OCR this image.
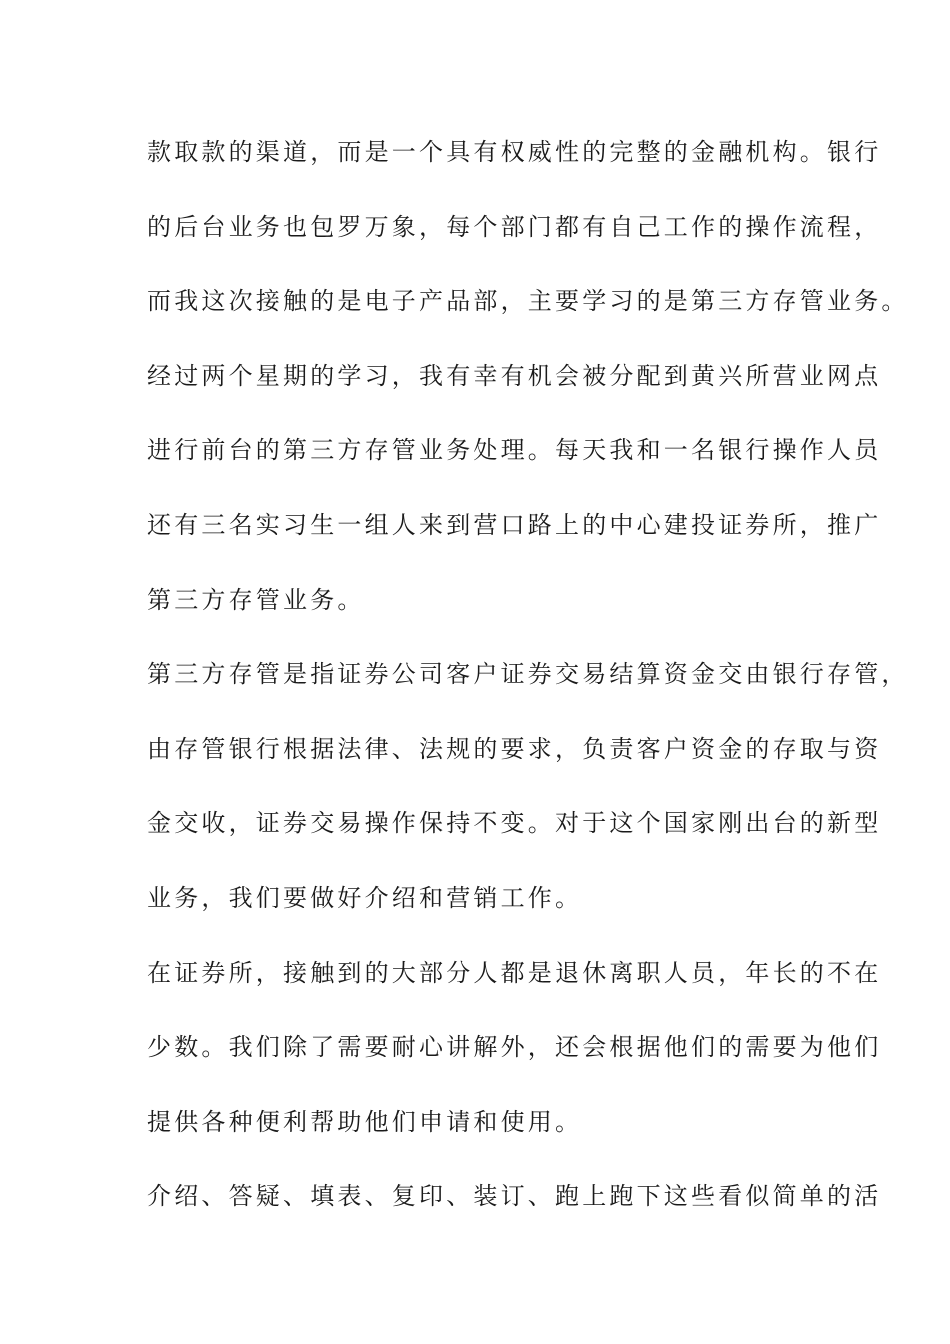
款取款的渠道，而是一个具有权威性的完整的金融机构。银行
的后台业务也包罗万象，每个部门都有自己工作的操作流程，
而我这次接触的是电子产品部，主要学习的是第三方存管业务。
经过两个星期的学习，我有幸有机会被分配到黄兴所营业网点
进行前台的第三方存管业务处理。每天我和一名银行操作人员
还有三名实习生一组人来到营口路上的中心建投证券所，推广
第三方存管业务。
第三方存管是指证券公司客户证券交易结算资金交由银行存管，
由存管银行根据法律、法规的要求，负责客户资金的存取与资
金交收，证券交易操作保持不变。对于这个国家刚出台的新型
业务，我们要做好介绍和营销工作。
在证券所，接触到的大部分人都是退休离职人员，年长的不在
少数。我们除了需要耐心讲解外，还会根据他们的需要为他们
提供各种便利帮助他们申请和使用。
介绍、答疑、填表、复印、装订、跑上跑下这些看似简单的活
